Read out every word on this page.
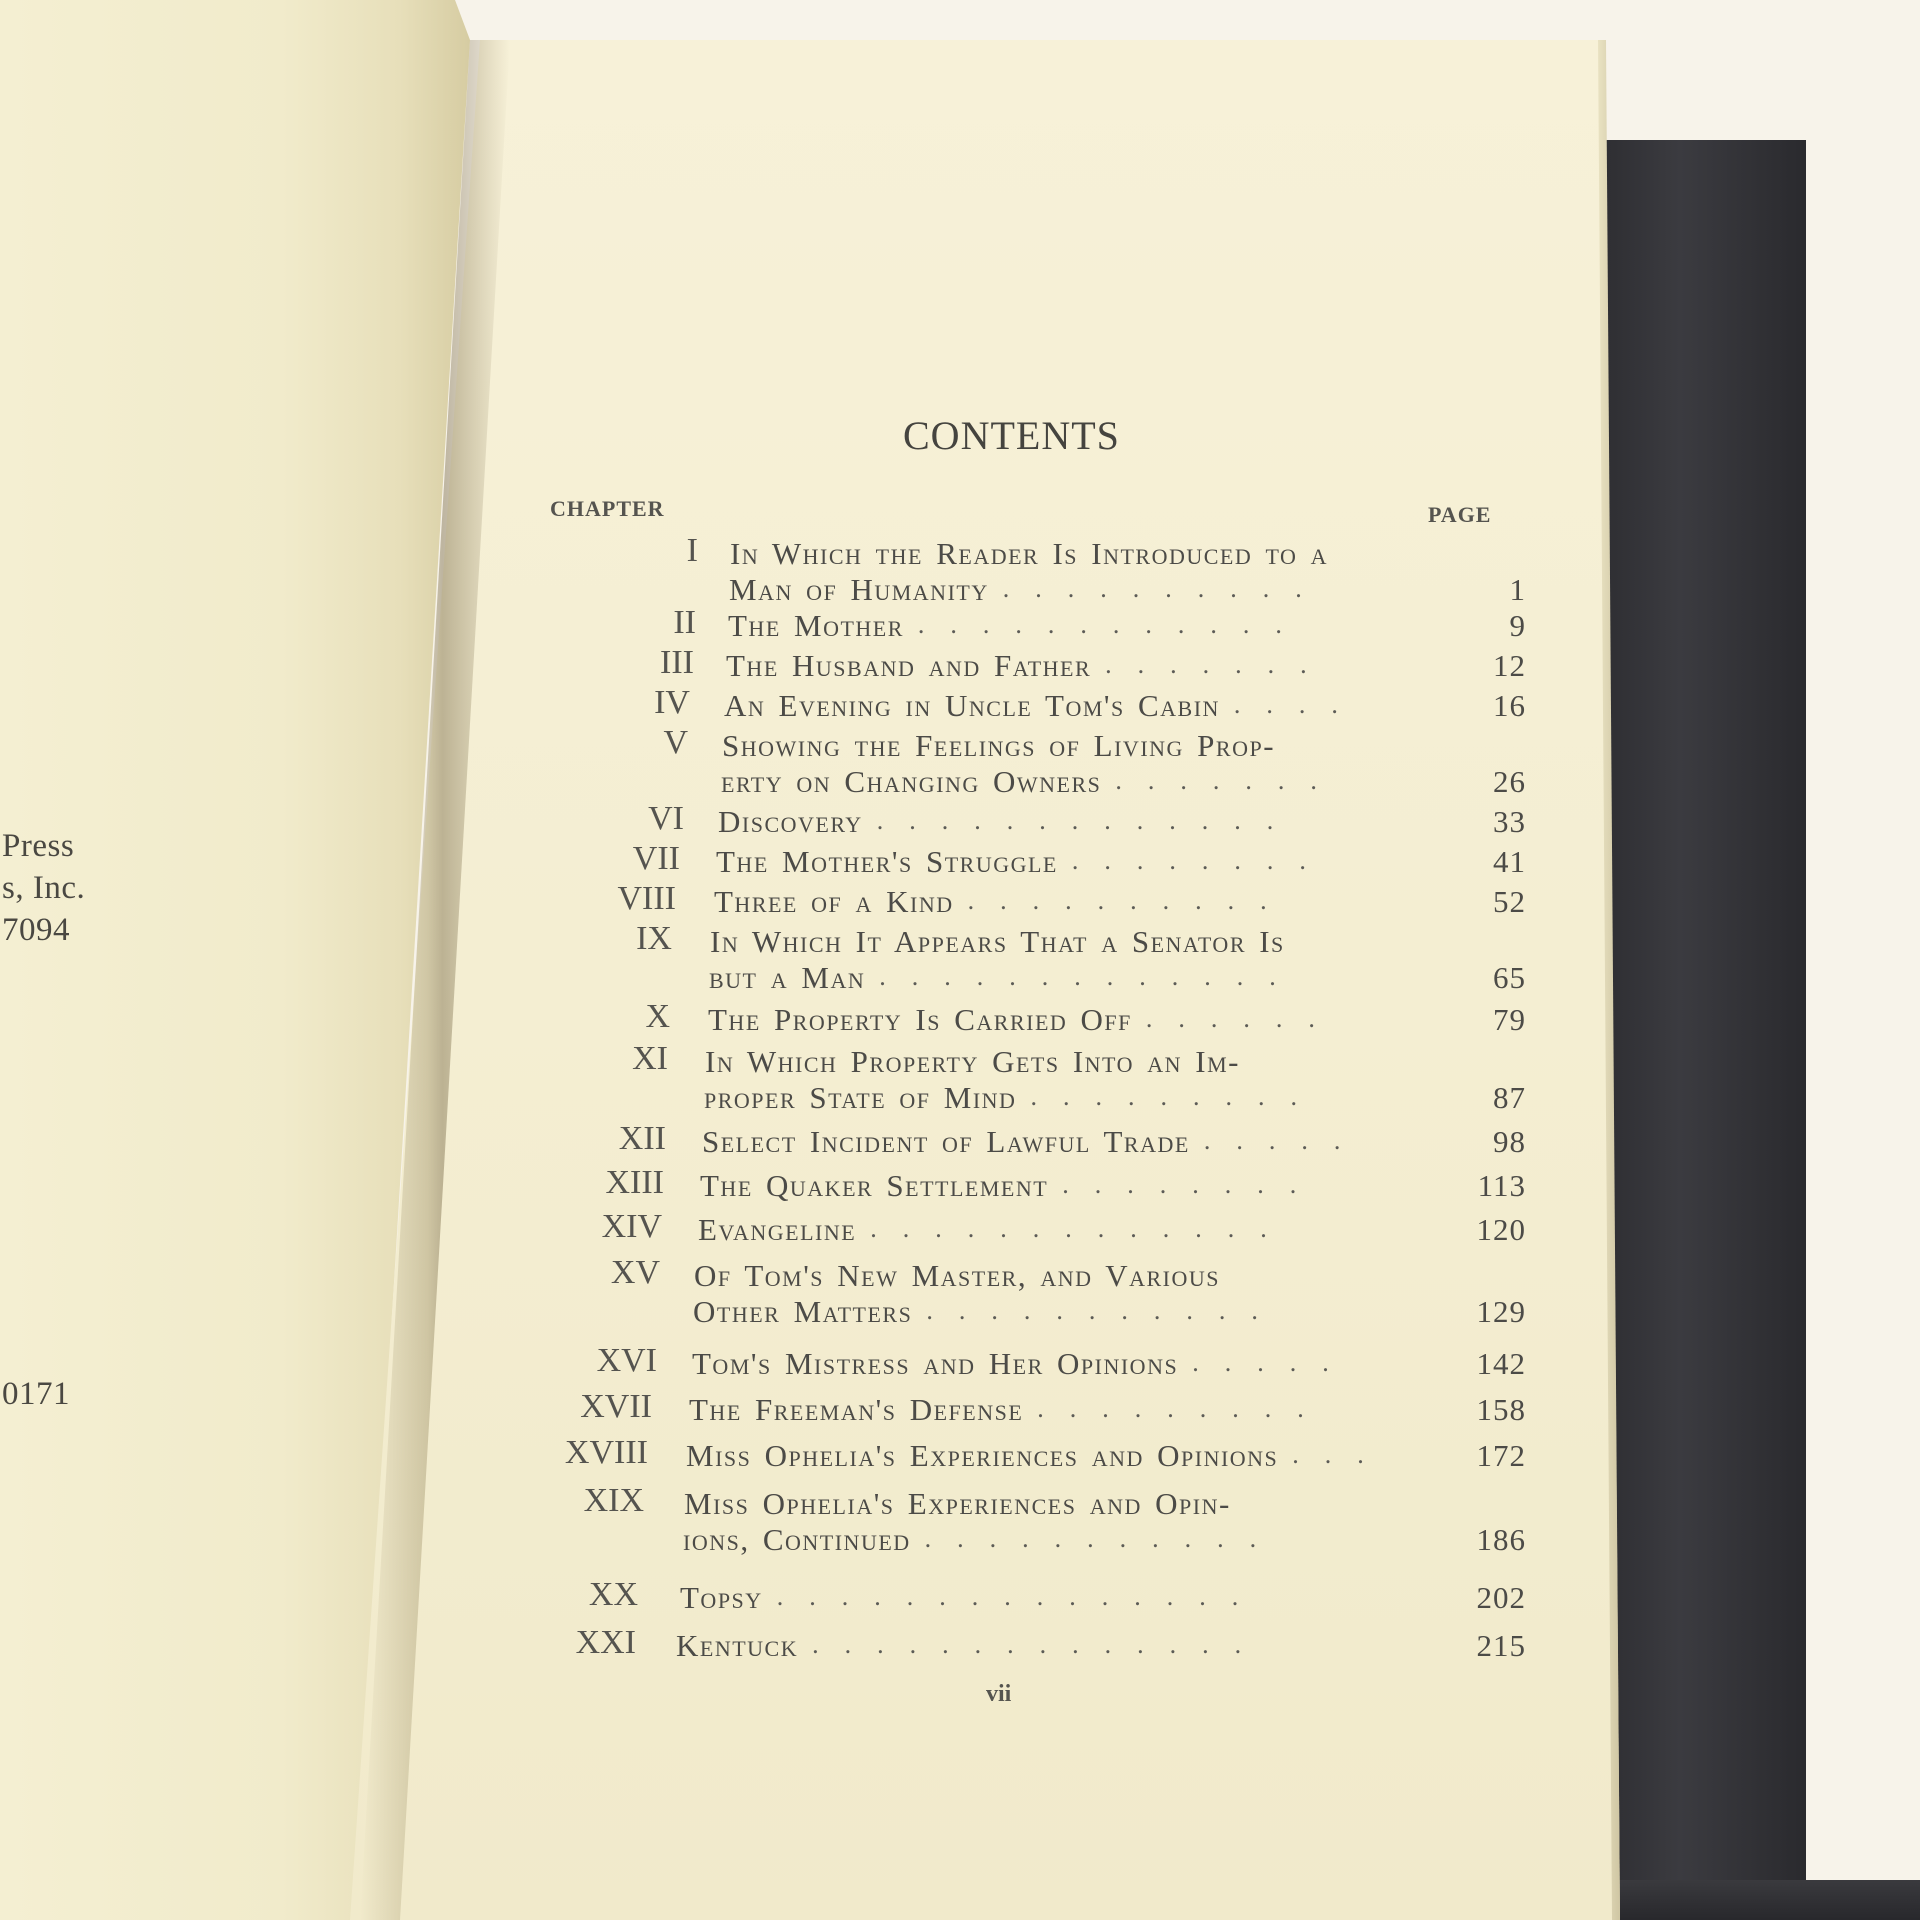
Press
s, Inc.
7094
0171
CONTENTS
CHAPTER	PAGE
vii
I In Which the Reader Is Introduced to a
Man of Humanity	1
..........
II The Mother	9
............
III The Husband and Father	12
.......
IV An Evening in Uncle Tom's Cabin	16
....
V Showing the Feelings of Living Prop-
erty on Changing Owners	26
.......
VI Discovery	33
.............
VII The Mother's Struggle	41
........
VIII Three of a Kind	52
..........
IX In Which It Appears That a Senator Is
but a Man	65
.............
X The Property Is Carried Off	79
......
XI In Which Property Gets Into an Im-
proper State of Mind	87
.........
XII Select Incident of Lawful Trade	98
.....
XIII The Quaker Settlement	113
........
XIV Evangeline	120
.............
XV Of Tom's New Master, and Various
Other Matters	129
...........
XVI Tom's Mistress and Her Opinions	142
.....
XVII The Freeman's Defense	158
.........
XVIII Miss Ophelia's Experiences and Opinions	172
...
XIX Miss Ophelia's Experiences and Opin-
ions, Continued	186
...........
XX Topsy	202
...............
XXI Kentuck	215
..............
